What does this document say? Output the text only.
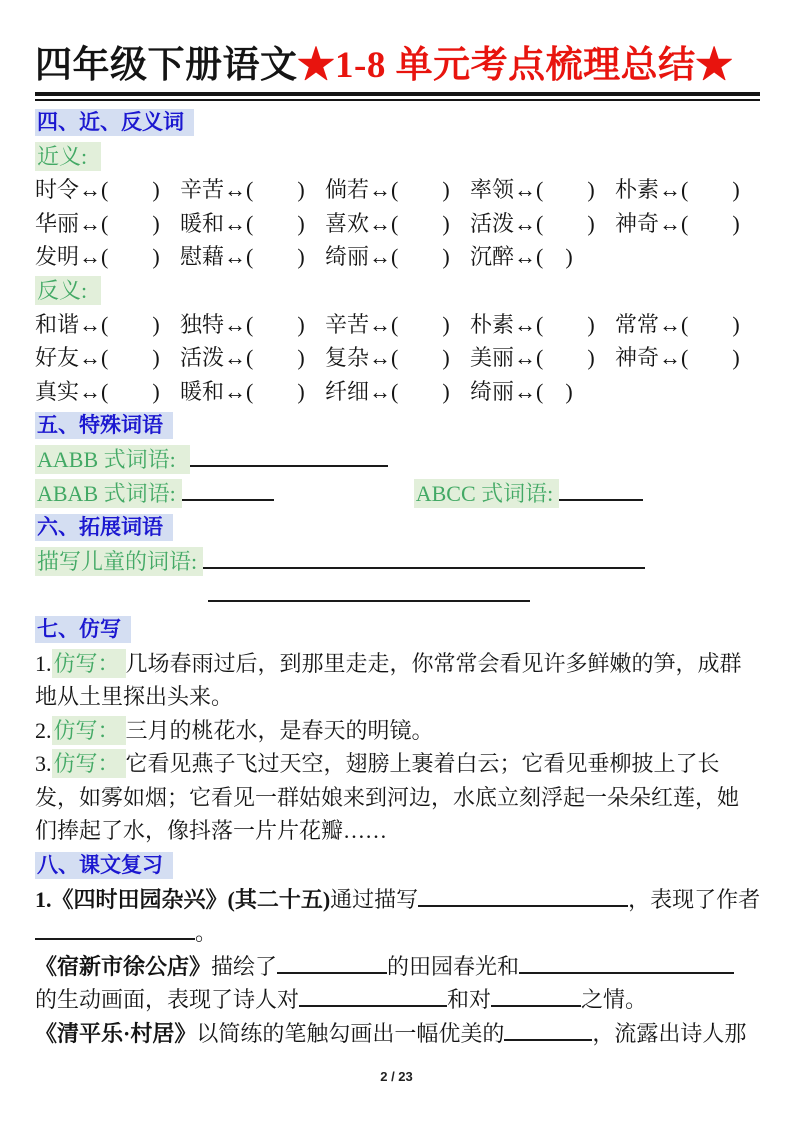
四年级下册语文★1-8 单元考点梳理总结★
四、近、反义词
近义:
时令↔(　　) 辛苦↔(　　) 倘若↔(　　) 率领↔(　　) 朴素↔(　　)
华丽↔(　　) 暖和↔(　　) 喜欢↔(　　) 活泼↔(　　) 神奇↔(　　)
发明↔(　　) 慰藉↔(　　) 绮丽↔(　　) 沉醉↔(　)
反义:
和谐↔(　　) 独特↔(　　) 辛苦↔(　　) 朴素↔(　　) 常常↔(　　)
好友↔(　　) 活泼↔(　　) 复杂↔(　　) 美丽↔(　　) 神奇↔(　　)
真实↔(　　) 暖和↔(　　) 纤细↔(　　) 绮丽↔(　)
五、特殊词语
AABB 式词语:
ABAB 式词语:	ABCC 式词语:
六、拓展词语
描写儿童的词语:
七、仿写
1.仿写： 几场春雨过后，到那里走走，你常常会看见许多鲜嫩的笋，成群地从土里探出头来。
2.仿写： 三月的桃花水，是春天的明镜。
3.仿写： 它看见燕子飞过天空，翅膀上裹着白云；它看见垂柳披上了长发，如雾如烟；它看见一群姑娘来到河边，水底立刻浮起一朵朵红莲，她们捧起了水，像抖落一片片花瓣……
八、课文复习
1.《四时田园杂兴》(其二十五)通过描写	，表现了作者
。
《宿新市徐公店》描绘了	的田园春光和
的生动画面，表现了诗人对	和对	之情。
《清平乐·村居》以简练的笔触勾画出一幅优美的	，流露出诗人那
2 / 23
